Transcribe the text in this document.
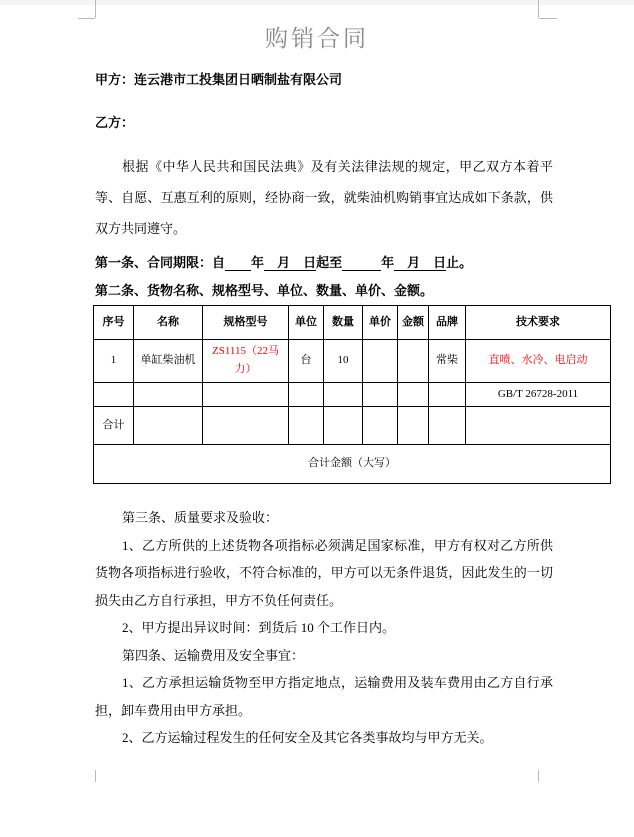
购销合同
甲方：连云港市工投集团日晒制盐有限公司
乙方：
根据《中华人民共和国民法典》及有关法律法规的规定，甲乙双方本着平等、自愿、互惠互利的原则，经协商一致，就柴油机购销事宜达成如下条款，供双方共同遵守。
第一条、合同期限：自　　 年　月　日起至　　　	年　月　日止。
第二条、货物名称、规格型号、单位、数量、单价、金额。
序号	名称	规格型号	单位	数量	单价	金额	品牌	技术要求
1	单缸柴油机	ZS1115（22马力）	台	10			常柴	直喷、水冷、电启动
								GB/T 26728-2011
合计								
合计金额（大写）								

第三条、质量要求及验收：

1、乙方所供的上述货物各项指标必须满足国家标准，甲方有权对乙方所供货物各项指标进行验收，不符合标准的，甲方可以无条件退货，因此发生的一切损失由乙方自行承担，甲方不负任何责任。

2、甲方提出异议时间：到货后 10 个工作日内。

第四条、运输费用及安全事宜：

1、乙方承担运输货物至甲方指定地点，运输费用及装车费用由乙方自行承担，卸车费用由甲方承担。

2、乙方运输过程发生的任何安全及其它各类事故均与甲方无关。
